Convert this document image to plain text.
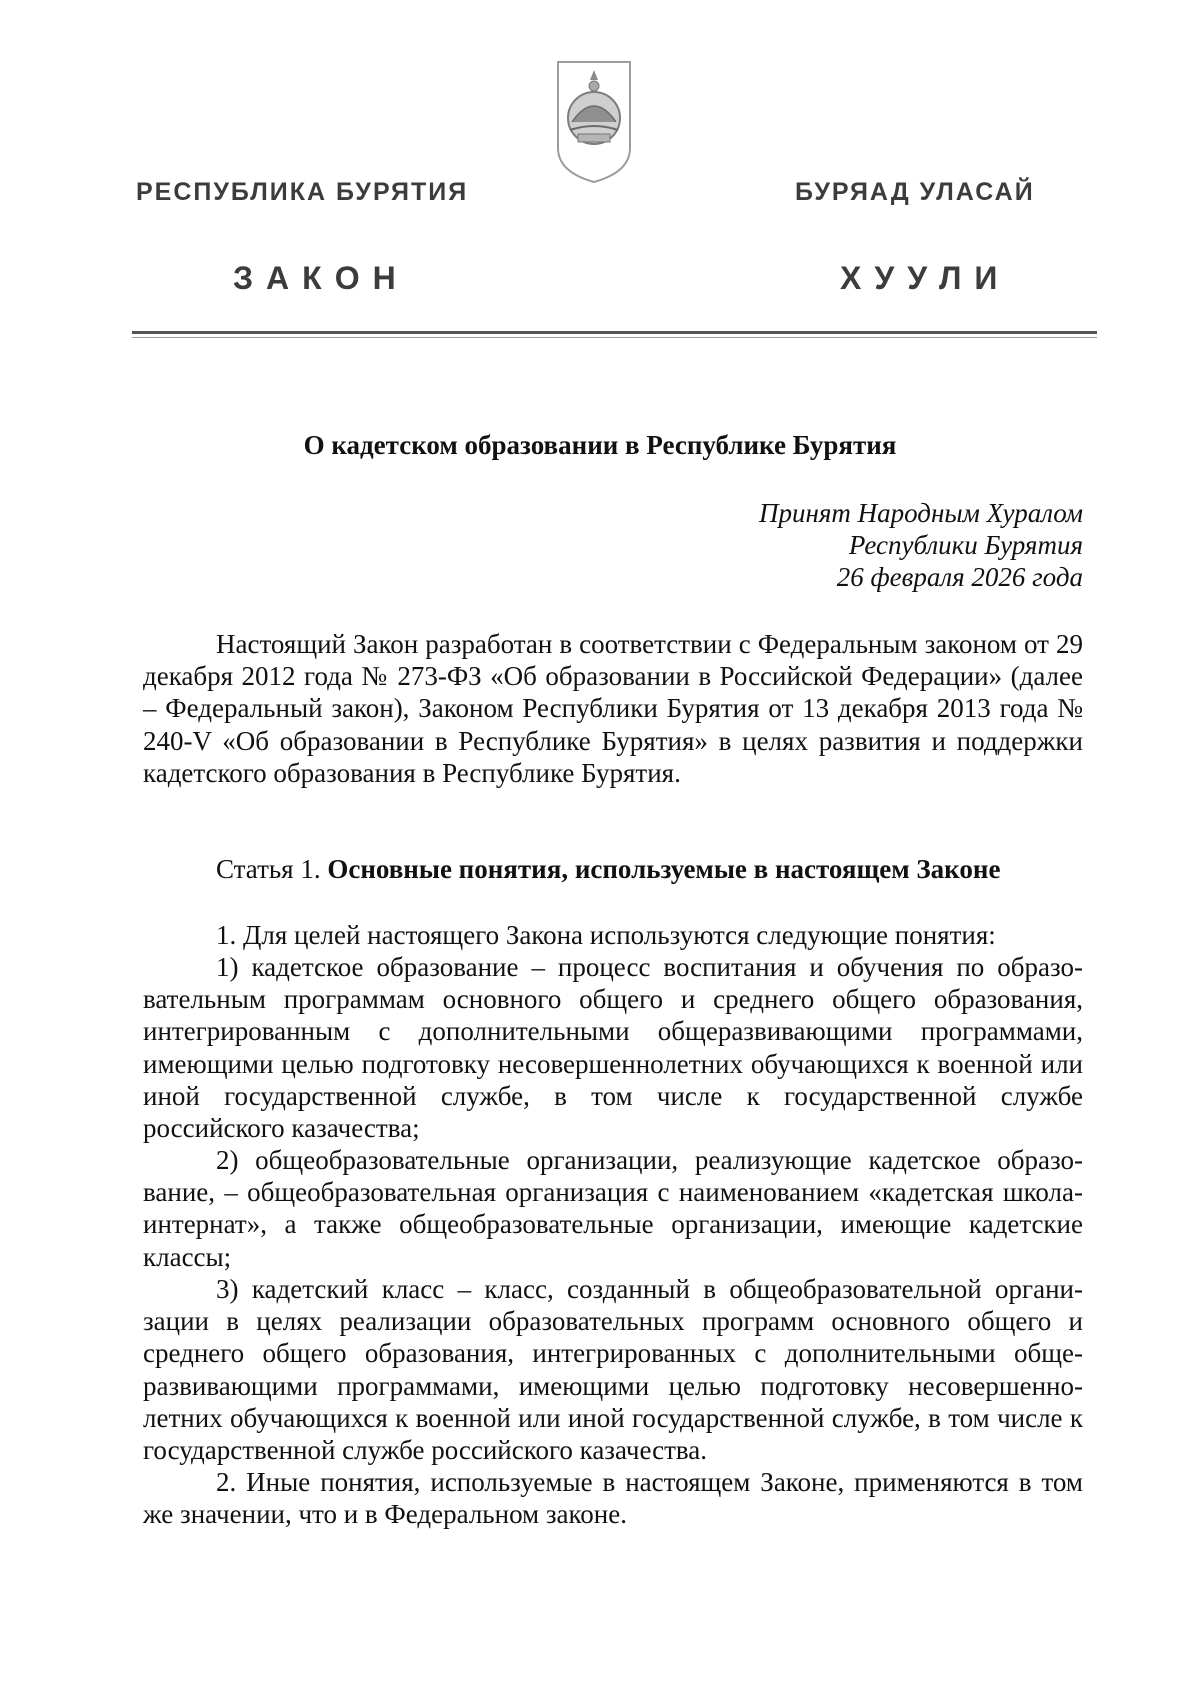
РЕСПУБЛИКА БУРЯТИЯ	БУРЯАД УЛАСАЙ
ЗАКОН	ХУУЛИ
О кадетском образовании в Республике Бурятия
Принят Народным Хуралом
Республики Бурятия
26 февраля 2026 года

Настоящий Закон разработан в соответствии с Федеральным законом от 29 декабря 2012 года № 273-ФЗ «Об образовании в Российской Федерации» (далее – Федеральный закон), Законом Республики Бурятия от 13 декабря 2013 года № 240-V «Об образовании в Республике Бурятия» в целях развития и поддержки кадетского образования в Республике Бурятия.

Статья 1. Основные понятия, используемые в настоящем Законе

1. Для целей настоящего Закона используются следующие понятия:

1) кадетское образование – процесс воспитания и обучения по образовательным программам основного общего и среднего общего образования, интегрированным с дополнительными общеразвивающими программами, имеющими целью подготовку несовершеннолетних обучающихся к военной или иной государственной службе, в том числе к государственной службе российского казачества;

2) общеобразовательные организации, реализующие кадетское образование, – общеобразовательная организация с наименованием «кадетская школа-интернат», а также общеобразовательные организации, имеющие кадетские классы;

3) кадетский класс – класс, созданный в общеобразовательной организации в целях реализации образовательных программ основного общего и среднего общего образования, интегрированных с дополнительными общеразвивающими программами, имеющими целью подготовку несовершеннолетних обучающихся к военной или иной государственной службе, в том числе к государственной службе российского казачества.

2. Иные понятия, используемые в настоящем Законе, применяются в том же значении, что и в Федеральном законе.
